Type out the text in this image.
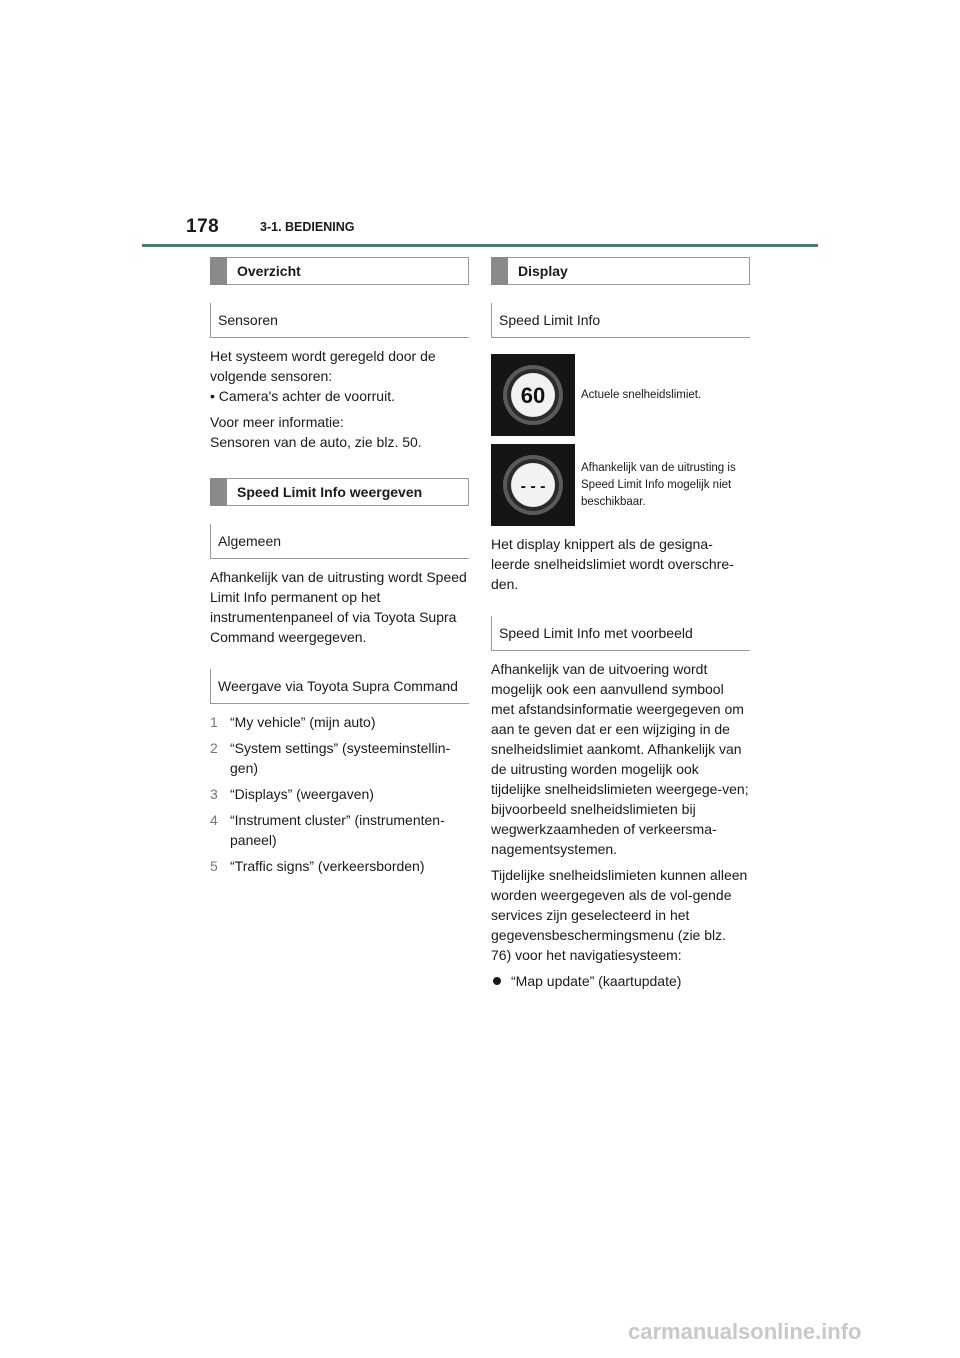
178	3-1. BEDIENING
Overzicht
Sensoren

Het systeem wordt geregeld door de volgende sensoren:

• Camera's achter de voorruit.

Voor meer informatie:

Sensoren van de auto, zie blz. 50.

Speed Limit Info weergeven
Algemeen

Afhankelijk van de uitrusting wordt Speed Limit Info permanent op het instrumentenpaneel of via Toyota Supra Command weergegeven.

Weergave via Toyota Supra Command
1 “My vehicle” (mijn auto)
2 “System settings” (systeeminstellin-gen)
3 “Displays” (weergaven)
4 “Instrument cluster” (instrumenten-paneel)
5 “Traffic signs” (verkeersborden)
Display
Speed Limit Info
60	Actuele snelheidslimiet.
- - -
Afhankelijk van de uitrusting is Speed Limit Info mogelijk niet beschikbaar.

Het display knippert als de gesigna-leerde snelheidslimiet wordt overschre-den.

Speed Limit Info met voorbeeld

Afhankelijk van de uitvoering wordt mogelijk ook een aanvullend symbool met afstandsinformatie weergegeven om aan te geven dat er een wijziging in de snelheidslimiet aankomt. Afhankelijk van de uitrusting worden mogelijk ook tijdelijke snelheidslimieten weergege-ven; bijvoorbeeld snelheidslimieten bij wegwerkzaamheden of verkeersma-nagementsystemen.

Tijdelijke snelheidslimieten kunnen alleen worden weergegeven als de vol-gende services zijn geselecteerd in het gegevensbeschermingsmenu (zie blz. 76) voor het navigatiesysteem:

“Map update” (kaartupdate)
carmanualsonline.info
